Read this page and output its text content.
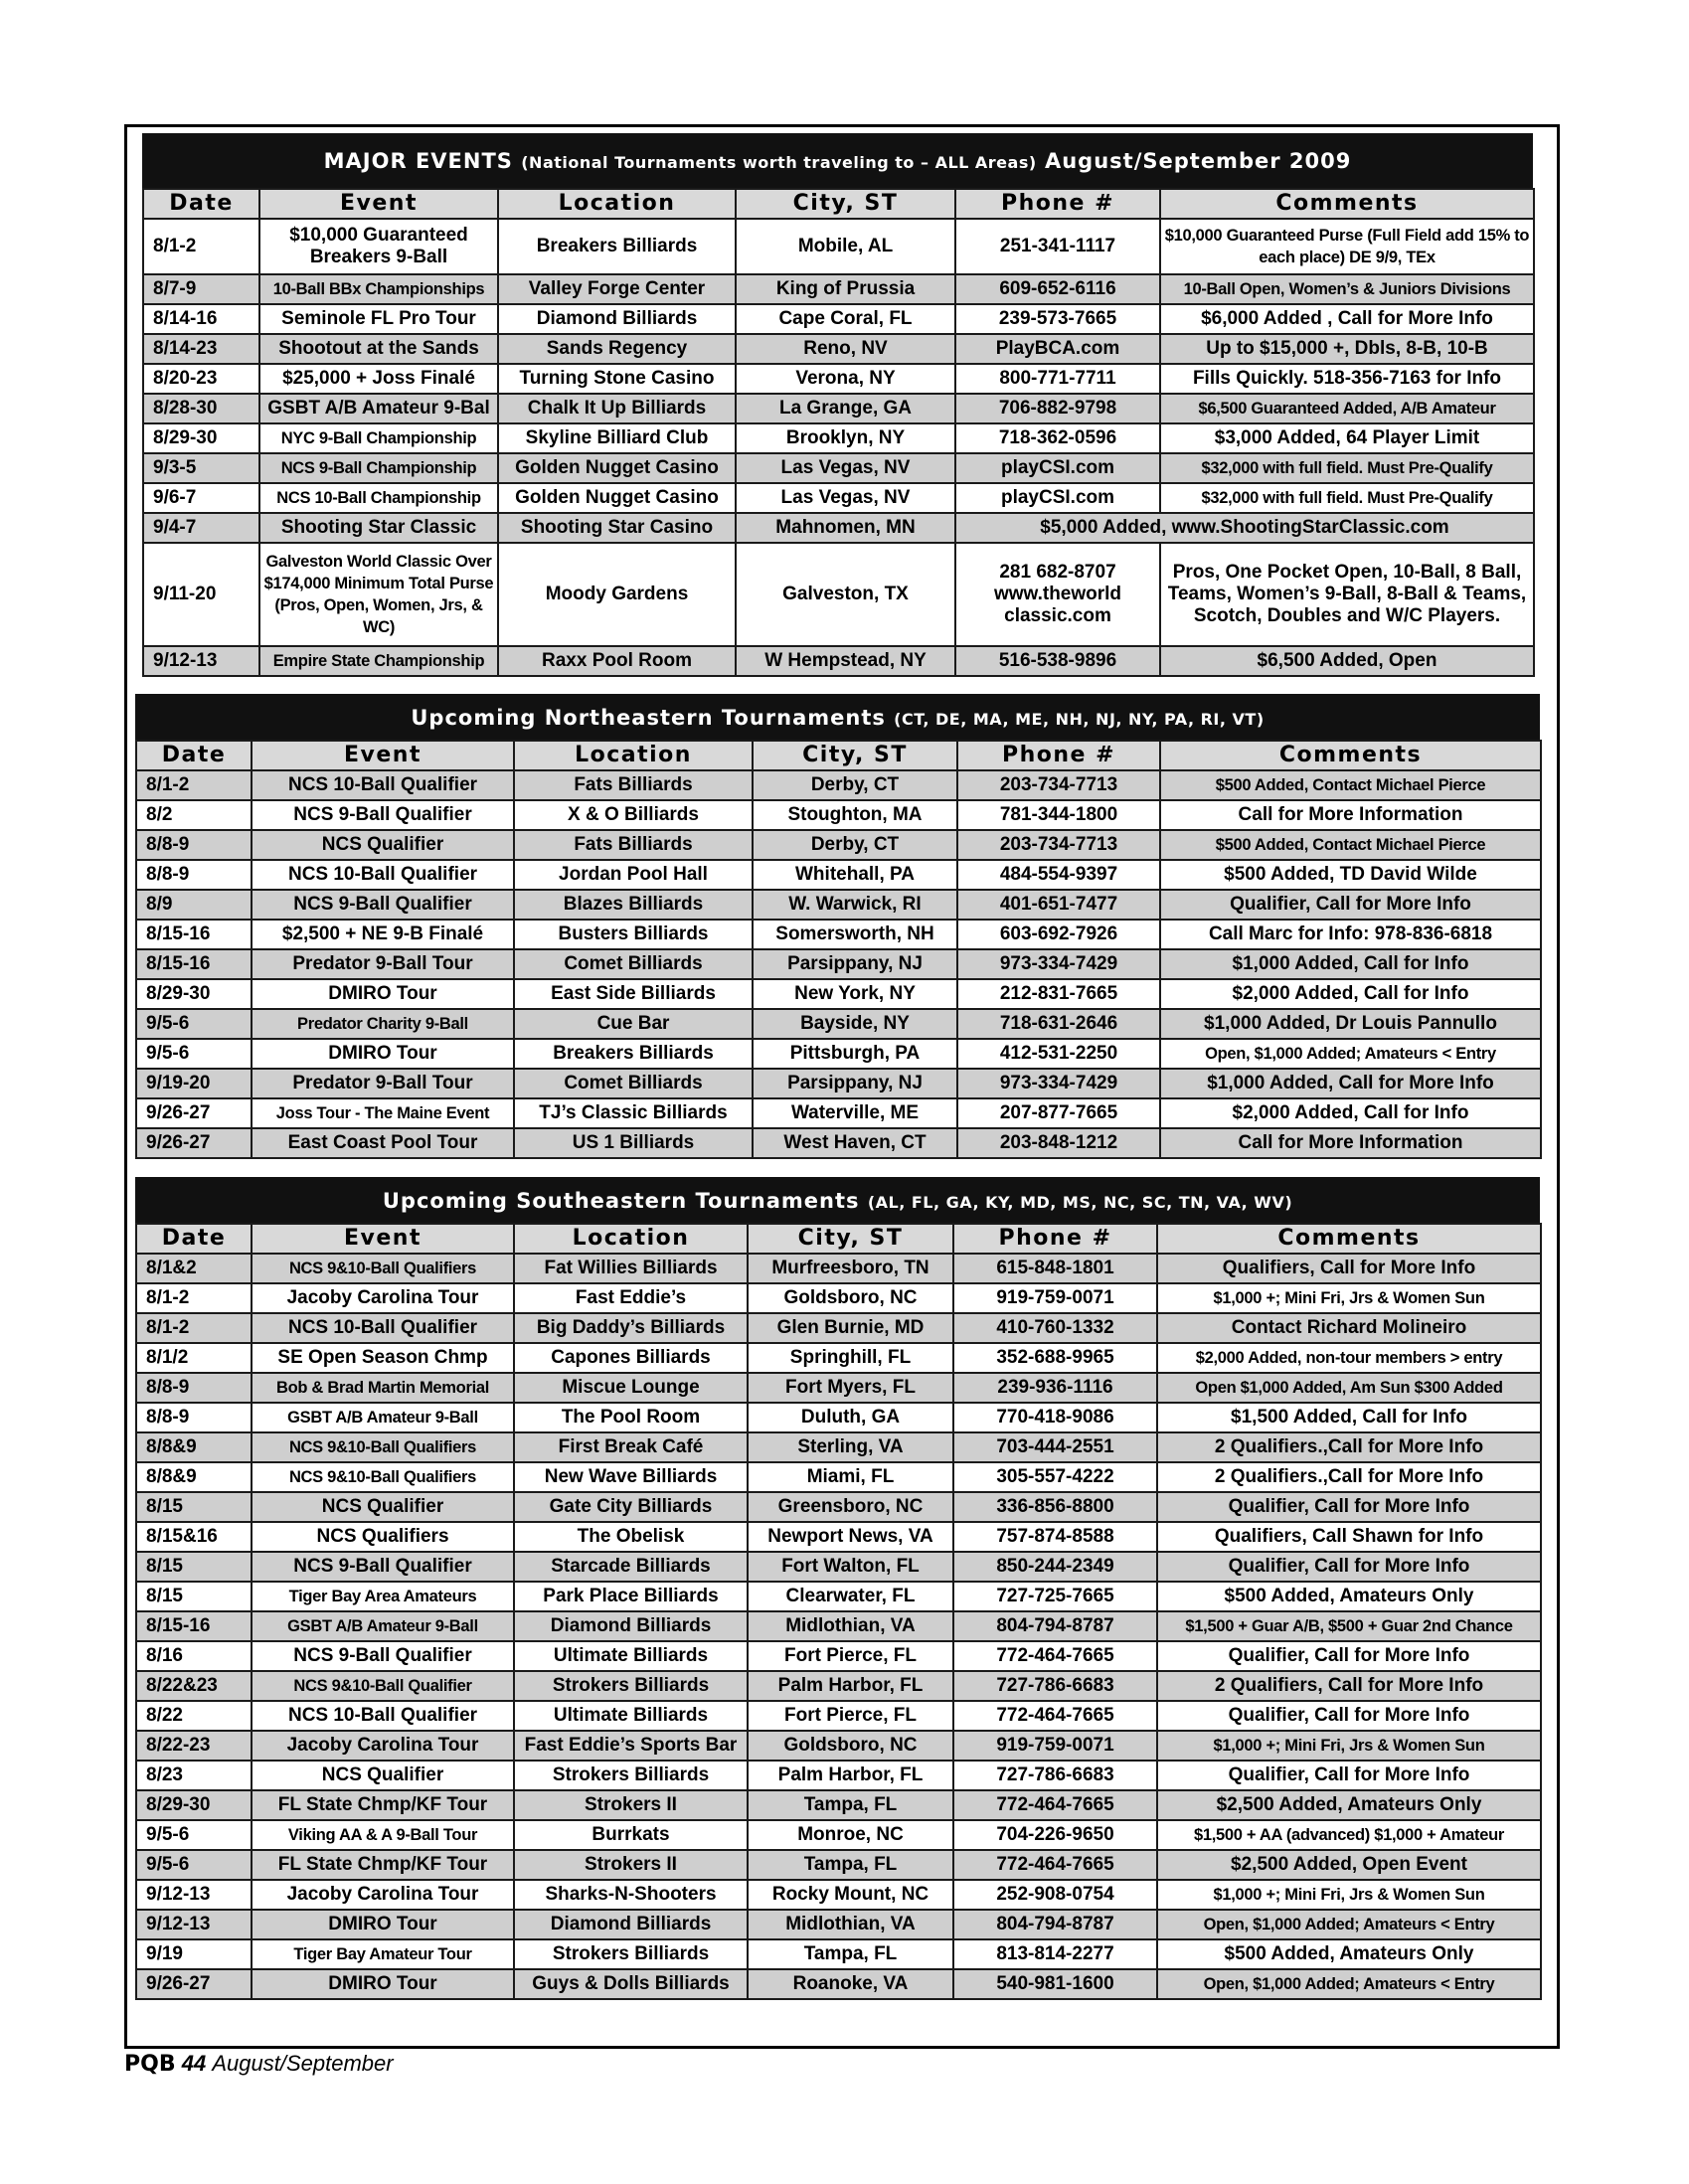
MAJOR EVENTS (National Tournaments worth traveling to – ALL Areas) August/September 2009
Date	Event	Location	City, ST	Phone #	Comments
8/1-2	$10,000 Guaranteed Breakers 9-Ball	Breakers Billiards	Mobile, AL	251-341-1117	$10,000 Guaranteed Purse (Full Field add 15% to each place) DE 9/9, TEx
8/7-9	10-Ball BBx Championships	Valley Forge Center	King of Prussia	609-652-6116	10-Ball Open, Women’s & Juniors Divisions
8/14-16	Seminole FL Pro Tour	Diamond Billiards	Cape Coral, FL	239-573-7665	$6,000 Added , Call for More Info
8/14-23	Shootout at the Sands	Sands Regency	Reno, NV	PlayBCA.com	Up to $15,000 +, Dbls, 8-B, 10-B
8/20-23	$25,000 + Joss Finalé	Turning Stone Casino	Verona, NY	800-771-7711	Fills Quickly. 518-356-7163 for Info
8/28-30	GSBT A/B Amateur 9-Bal	Chalk It Up Billiards	La Grange, GA	706-882-9798	$6,500 Guaranteed Added, A/B Amateur
8/29-30	NYC 9-Ball Championship	Skyline Billiard Club	Brooklyn, NY	718-362-0596	$3,000 Added, 64 Player Limit
9/3-5	NCS 9-Ball Championship	Golden Nugget Casino	Las Vegas, NV	playCSI.com	$32,000 with full field. Must Pre-Qualify
9/6-7	NCS 10-Ball Championship	Golden Nugget Casino	Las Vegas, NV	playCSI.com	$32,000 with full field. Must Pre-Qualify
9/4-7	Shooting Star Classic	Shooting Star Casino	Mahnomen, MN	$5,000 Added, www.ShootingStarClassic.com	
9/11-20	Galveston World Classic Over $174,000 Minimum Total Purse (Pros, Open, Women, Jrs, & WC)	Moody Gardens	Galveston, TX	281 682-8707 www.theworld classic.com	Pros, One Pocket Open, 10-Ball, 8 Ball, Teams, Women’s 9-Ball, 8-Ball & Teams, Scotch, Doubles and W/C Players.
9/12-13	Empire State Championship	Raxx Pool Room	W Hempstead, NY	516-538-9896	$6,500 Added, Open
Upcoming Northeastern Tournaments (CT, DE, MA, ME, NH, NJ, NY, PA, RI, VT)
Date	Event	Location	City, ST	Phone #	Comments
8/1-2	NCS 10-Ball Qualifier	Fats Billiards	Derby, CT	203-734-7713	$500 Added, Contact Michael Pierce
8/2	NCS 9-Ball Qualifier	X & O Billiards	Stoughton, MA	781-344-1800	Call for More Information
8/8-9	NCS Qualifier	Fats Billiards	Derby, CT	203-734-7713	$500 Added, Contact Michael Pierce
8/8-9	NCS 10-Ball Qualifier	Jordan Pool Hall	Whitehall, PA	484-554-9397	$500 Added, TD David Wilde
8/9	NCS 9-Ball Qualifier	Blazes Billiards	W. Warwick, RI	401-651-7477	Qualifier, Call for More Info
8/15-16	$2,500 + NE 9-B Finalé	Busters Billiards	Somersworth, NH	603-692-7926	Call Marc for Info: 978-836-6818
8/15-16	Predator 9-Ball Tour	Comet Billiards	Parsippany, NJ	973-334-7429	$1,000 Added, Call for Info
8/29-30	DMIRO Tour	East Side Billiards	New York, NY	212-831-7665	$2,000 Added, Call for Info
9/5-6	Predator Charity 9-Ball	Cue Bar	Bayside, NY	718-631-2646	$1,000 Added, Dr Louis Pannullo
9/5-6	DMIRO Tour	Breakers Billiards	Pittsburgh, PA	412-531-2250	Open, $1,000 Added; Amateurs < Entry
9/19-20	Predator 9-Ball Tour	Comet Billiards	Parsippany, NJ	973-334-7429	$1,000 Added, Call for More Info
9/26-27	Joss Tour - The Maine Event	TJ’s Classic Billiards	Waterville, ME	207-877-7665	$2,000 Added, Call for Info
9/26-27	East Coast Pool Tour	US 1 Billiards	West Haven, CT	203-848-1212	Call for More Information
Upcoming Southeastern Tournaments (AL, FL, GA, KY, MD, MS, NC, SC, TN, VA, WV)
Date	Event	Location	City, ST	Phone #	Comments
8/1&2	NCS 9&10-Ball Qualifiers	Fat Willies Billiards	Murfreesboro, TN	615-848-1801	Qualifiers, Call for More Info
8/1-2	Jacoby Carolina Tour	Fast Eddie’s	Goldsboro, NC	919-759-0071	$1,000 +; Mini Fri, Jrs & Women Sun
8/1-2	NCS 10-Ball Qualifier	Big Daddy’s Billiards	Glen Burnie, MD	410-760-1332	Contact Richard Molineiro
8/1/2	SE Open Season Chmp	Capones Billiards	Springhill, FL	352-688-9965	$2,000 Added, non-tour members > entry
8/8-9	Bob & Brad Martin Memorial	Miscue Lounge	Fort Myers, FL	239-936-1116	Open $1,000 Added, Am Sun $300 Added
8/8-9	GSBT A/B Amateur 9-Ball	The Pool Room	Duluth, GA	770-418-9086	$1,500 Added, Call for Info
8/8&9	NCS 9&10-Ball Qualifiers	First Break Café	Sterling, VA	703-444-2551	2 Qualifiers.,Call for More Info
8/8&9	NCS 9&10-Ball Qualifiers	New Wave Billiards	Miami, FL	305-557-4222	2 Qualifiers.,Call for More Info
8/15	NCS Qualifier	Gate City Billiards	Greensboro, NC	336-856-8800	Qualifier, Call for More Info
8/15&16	NCS Qualifiers	The Obelisk	Newport News, VA	757-874-8588	Qualifiers, Call Shawn for Info
8/15	NCS 9-Ball Qualifier	Starcade Billiards	Fort Walton, FL	850-244-2349	Qualifier, Call for More Info
8/15	Tiger Bay Area Amateurs	Park Place Billiards	Clearwater, FL	727-725-7665	$500 Added, Amateurs Only
8/15-16	GSBT A/B Amateur 9-Ball	Diamond Billiards	Midlothian, VA	804-794-8787	$1,500 + Guar A/B, $500 + Guar 2nd Chance
8/16	NCS 9-Ball Qualifier	Ultimate Billiards	Fort Pierce, FL	772-464-7665	Qualifier, Call for More Info
8/22&23	NCS 9&10-Ball Qualifier	Strokers Billiards	Palm Harbor, FL	727-786-6683	2 Qualifiers, Call for More Info
8/22	NCS 10-Ball Qualifier	Ultimate Billiards	Fort Pierce, FL	772-464-7665	Qualifier, Call for More Info
8/22-23	Jacoby Carolina Tour	Fast Eddie’s Sports Bar	Goldsboro, NC	919-759-0071	$1,000 +; Mini Fri, Jrs & Women Sun
8/23	NCS Qualifier	Strokers Billiards	Palm Harbor, FL	727-786-6683	Qualifier, Call for More Info
8/29-30	FL State Chmp/KF Tour	Strokers II	Tampa, FL	772-464-7665	$2,500 Added, Amateurs Only
9/5-6	Viking AA & A 9-Ball Tour	Burrkats	Monroe, NC	704-226-9650	$1,500 + AA (advanced) $1,000 + Amateur
9/5-6	FL State Chmp/KF Tour	Strokers II	Tampa, FL	772-464-7665	$2,500 Added, Open Event
9/12-13	Jacoby Carolina Tour	Sharks-N-Shooters	Rocky Mount, NC	252-908-0754	$1,000 +; Mini Fri, Jrs & Women Sun
9/12-13	DMIRO Tour	Diamond Billiards	Midlothian, VA	804-794-8787	Open, $1,000 Added; Amateurs < Entry
9/19	Tiger Bay Amateur Tour	Strokers Billiards	Tampa, FL	813-814-2277	$500 Added, Amateurs Only
9/26-27	DMIRO Tour	Guys & Dolls Billiards	Roanoke, VA	540-981-1600	Open, $1,000 Added; Amateurs < Entry
PQB 44 August/September
